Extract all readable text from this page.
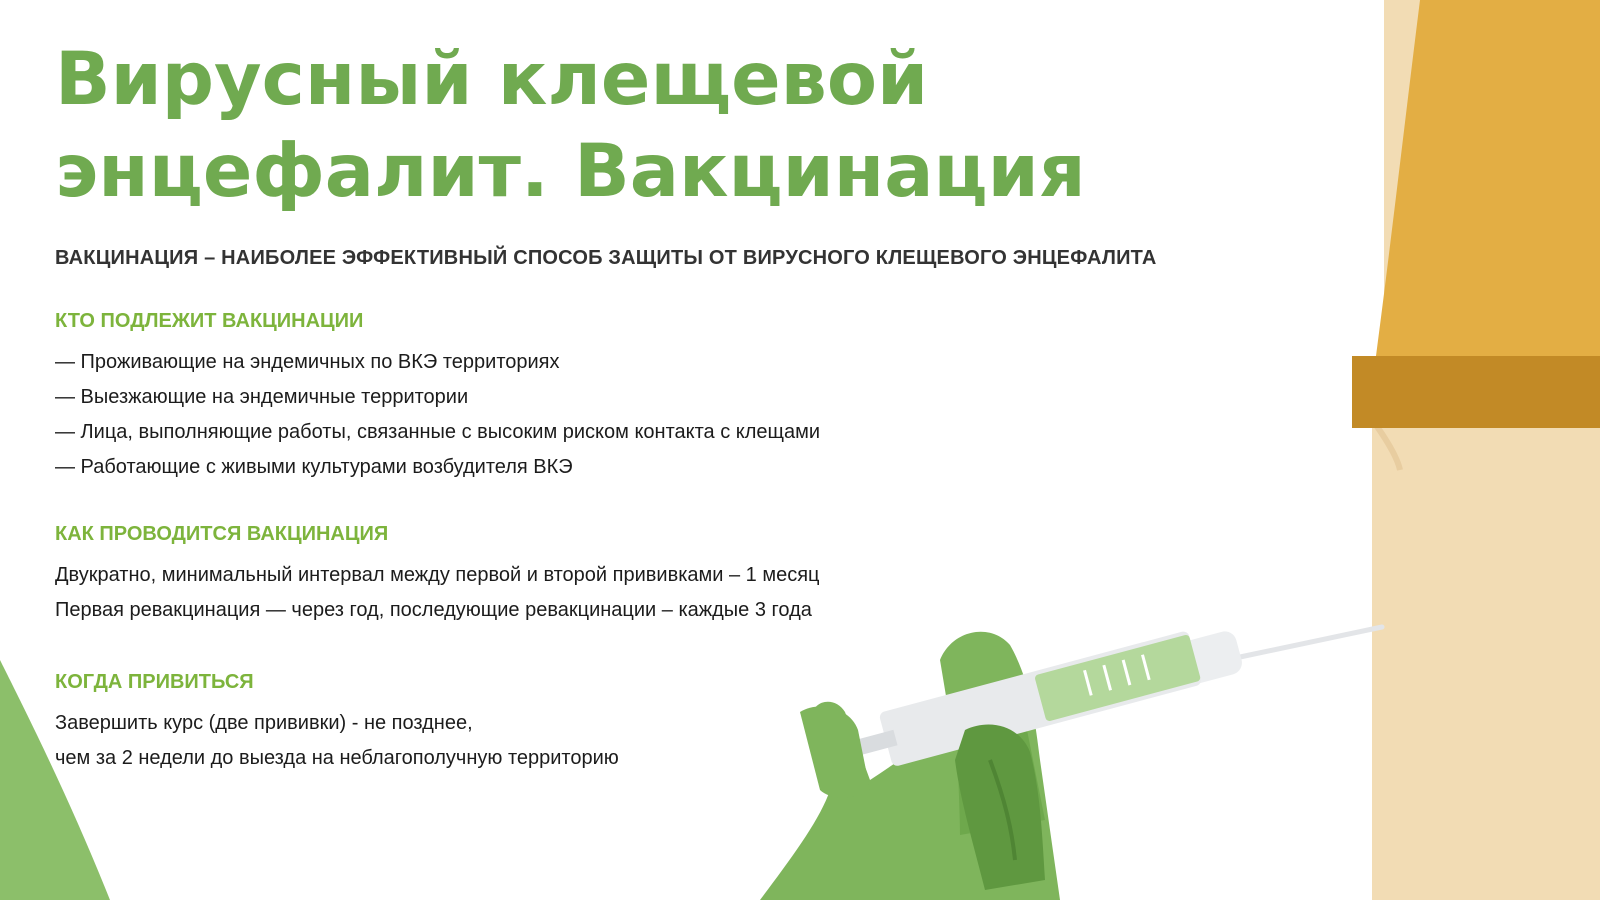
Вирусный клещевой
энцефалит. Вакцинация
ВАКЦИНАЦИЯ – НАИБОЛЕЕ ЭФФЕКТИВНЫЙ СПОСОБ ЗАЩИТЫ ОТ ВИРУСНОГО КЛЕЩЕВОГО ЭНЦЕФАЛИТА
КТО ПОДЛЕЖИТ ВАКЦИНАЦИИ
— Проживающие на эндемичных по ВКЭ территориях
— Выезжающие на эндемичные территории
— Лица, выполняющие работы, связанные с высоким риском контакта с клещами
— Работающие с живыми культурами возбудителя ВКЭ
КАК ПРОВОДИТСЯ ВАКЦИНАЦИЯ
Двукратно, минимальный интервал между первой и второй прививками – 1 месяц
Первая ревакцинация — через год, последующие ревакцинации – каждые 3 года
КОГДА ПРИВИТЬСЯ
Завершить курс (две прививки) - не позднее,
чем за 2 недели до выезда на неблагополучную территорию
